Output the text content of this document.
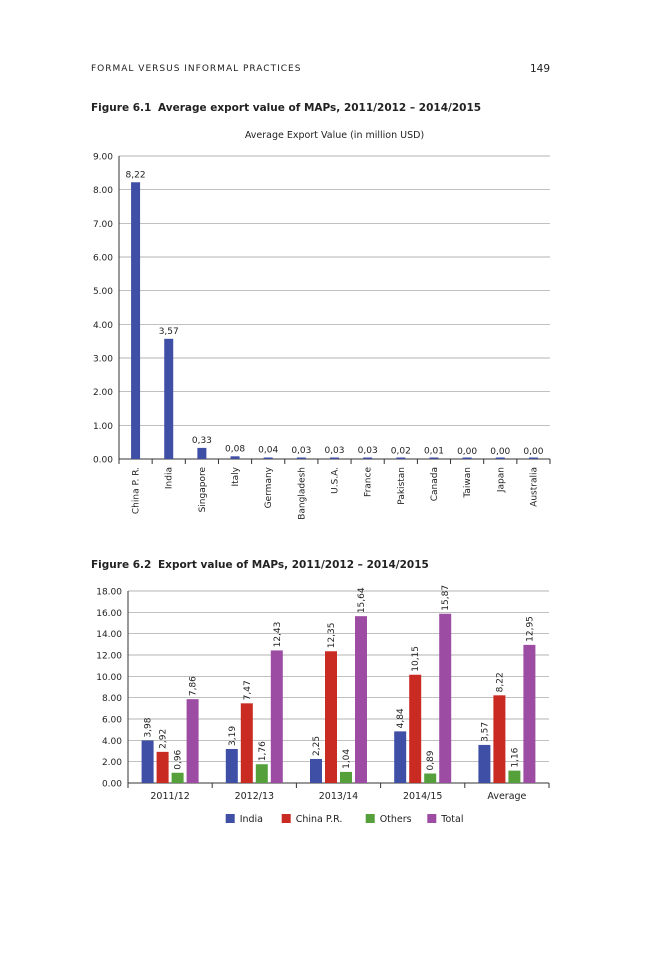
FORMAL VERSUS INFORMAL PRACTICES	149
Figure 6.1 Average export value of MAPs, 2011/2012 – 2014/2015
Average Export Value (in million USD)
0.00
1.00
2.00
3.00
4.00
5.00
6.00
7.00
8.00
9.00
8,22
China P. R.
3,57
India
0,33
Singapore
0,08
Italy
0,04
Germany
0,03
Bangladesh
0,03
U.S.A.
0,03
France
0,02
Pakistan
0,01
Canada
0,00
Taiwan
0,00
Japan
0,00
Australia
Figure 6.2 Export value of MAPs, 2011/2012 – 2014/2015
0.00
2.00
4.00
6.00
8.00
10.00
12.00
14.00
16.00
18.00
2011/12
3,98
2,92
0,96
7,86
2012/13
3,19
7,47
1,76
12,43
2013/14
2,25
12,35
1,04
15,64
2014/15
4,84
10,15
0,89
15,87
Average
3,57
8,22
1,16
12,95
India	China P.R.	Others	Total
